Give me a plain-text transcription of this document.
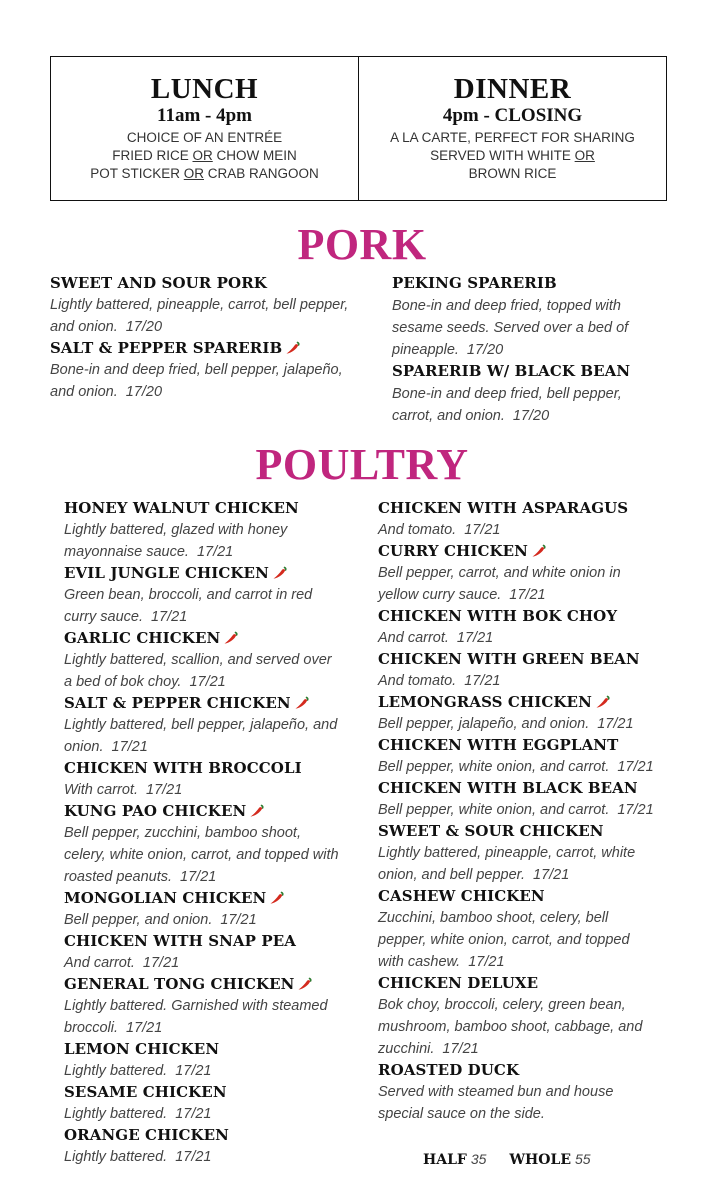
LUNCH
11am - 4pm
CHOICE OF AN ENTRÉE
FRIED RICE OR CHOW MEIN
POT STICKER OR CRAB RANGOON
DINNER
4pm - CLOSING
A LA CARTE, PERFECT FOR SHARING
SERVED WITH WHITE OR
BROWN RICE
PORK
SWEET AND SOUR PORK
Lightly battered, pineapple, carrot, bell pepper, and onion. 17/20
SALT & PEPPER SPARERIB
Bone-in and deep fried, bell pepper, jalapeño, and onion. 17/20
PEKING SPARERIB
Bone-in and deep fried, topped with sesame seeds. Served over a bed of pineapple. 17/20
SPARERIB W/ BLACK BEAN
Bone-in and deep fried, bell pepper, carrot, and onion. 17/20
POULTRY
HONEY WALNUT CHICKEN
Lightly battered, glazed with honey mayonnaise sauce. 17/21
EVIL JUNGLE CHICKEN
Green bean, broccoli, and carrot in red curry sauce. 17/21
GARLIC CHICKEN
Lightly battered, scallion, and served over a bed of bok choy. 17/21
SALT & PEPPER CHICKEN
Lightly battered, bell pepper, jalapeño, and onion. 17/21
CHICKEN WITH BROCCOLI
With carrot. 17/21
KUNG PAO CHICKEN
Bell pepper, zucchini, bamboo shoot, celery, white onion, carrot, and topped with roasted peanuts. 17/21
MONGOLIAN CHICKEN
Bell pepper, and onion. 17/21
CHICKEN WITH SNAP PEA
And carrot. 17/21
GENERAL TONG CHICKEN
Lightly battered. Garnished with steamed broccoli. 17/21
LEMON CHICKEN
Lightly battered. 17/21
SESAME CHICKEN
Lightly battered. 17/21
ORANGE CHICKEN
Lightly battered. 17/21
CHICKEN WITH ASPARAGUS
And tomato. 17/21
CURRY CHICKEN
Bell pepper, carrot, and white onion in yellow curry sauce. 17/21
CHICKEN WITH BOK CHOY
And carrot. 17/21
CHICKEN WITH GREEN BEAN
And tomato. 17/21
LEMONGRASS CHICKEN
Bell pepper, jalapeño, and onion. 17/21
CHICKEN WITH EGGPLANT
Bell pepper, white onion, and carrot. 17/21
CHICKEN WITH BLACK BEAN
Bell pepper, white onion, and carrot. 17/21
SWEET & SOUR CHICKEN
Lightly battered, pineapple, carrot, white onion, and bell pepper. 17/21
CASHEW CHICKEN
Zucchini, bamboo shoot, celery, bell pepper, white onion, carrot, and topped with cashew. 17/21
CHICKEN DELUXE
Bok choy, broccoli, celery, green bean, mushroom, bamboo shoot, cabbage, and zucchini. 17/21
ROASTED DUCK
Served with steamed bun and house special sauce on the side.
HALF 35 WHOLE 55
